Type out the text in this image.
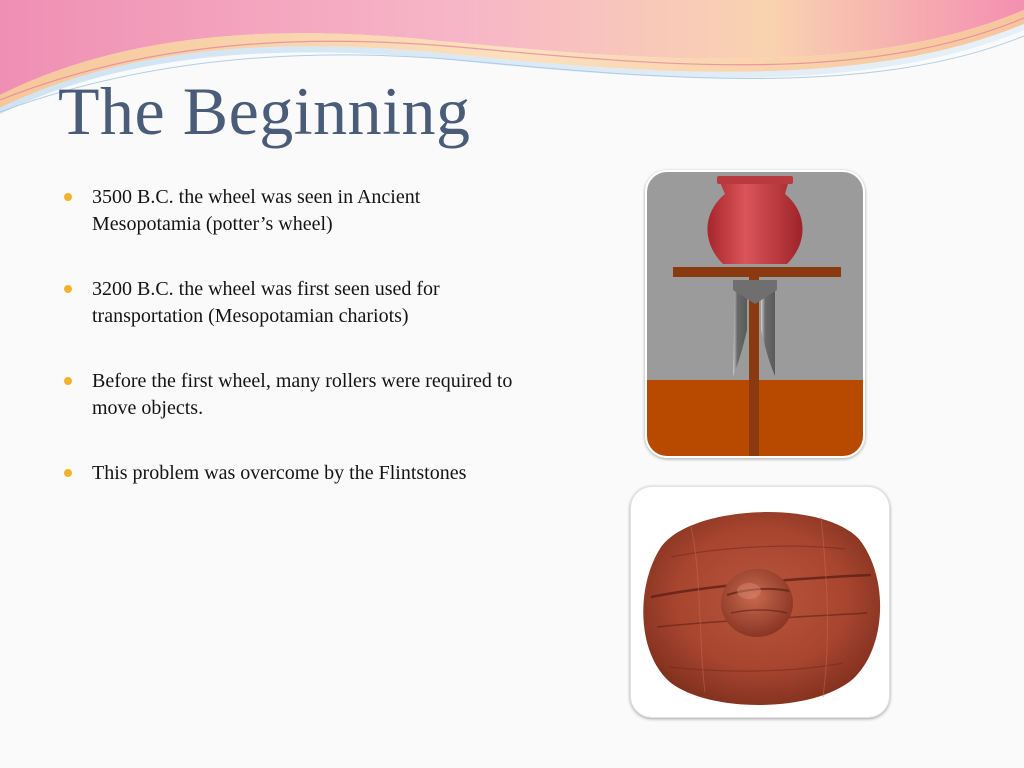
The Beginning
3500 B.C. the wheel was seen in Ancient Mesopotamia (potter’s wheel)
3200 B.C. the wheel was first seen used for transportation (Mesopotamian chariots)
Before the first wheel, many rollers were required to move objects.
This problem was overcome by the Flintstones
